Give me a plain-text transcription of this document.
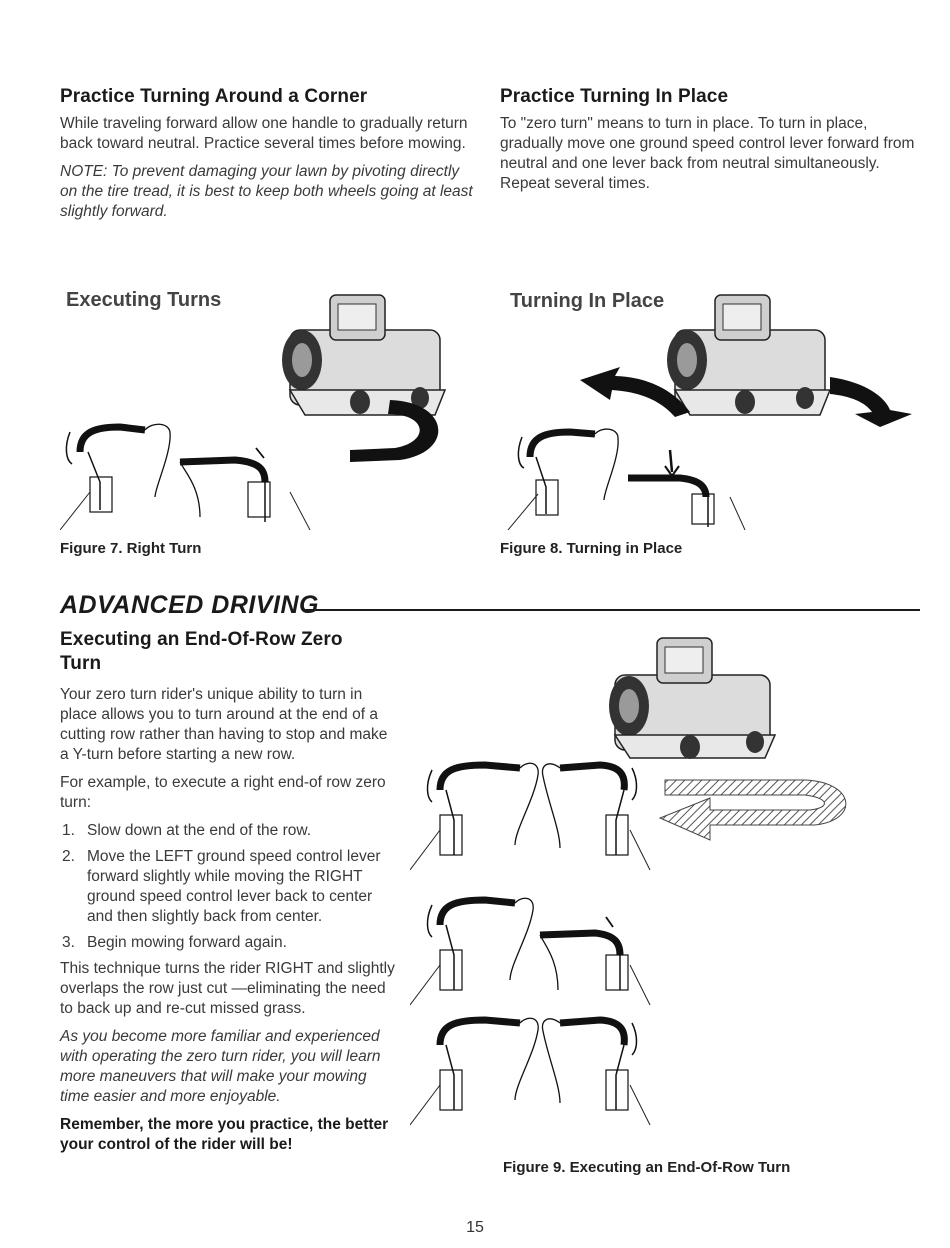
Practice Turning Around a Corner

While traveling forward allow one handle to gradually return back toward neutral. Practice several times before mowing.

NOTE: To prevent damaging your lawn by pivoting directly on the tire tread, it is best to keep both wheels going at least slightly forward.

Practice Turning In Place

To "zero turn" means to turn in place. To turn in place, gradually move one ground speed control lever forward from neutral and one lever back from neutral simultaneously. Repeat several times.

Executing Turns
Figure 7. Right Turn
Turning In Place
Figure 8. Turning in Place
ADVANCED DRIVING
Executing an End-Of-Row Zero
Turn

Your zero turn rider's unique ability to turn in place allows you to turn around at the end of a cutting row rather than having to stop and make a Y-turn before starting a new row.

For example, to execute a right end-of row zero turn:

1. Slow down at the end of the row.
2. Move the LEFT ground speed control lever forward slightly while moving the RIGHT ground speed control lever back to center and then slightly back from center.
3. Begin mowing forward again.

This technique turns the rider RIGHT and slightly overlaps the row just cut —eliminating the need to back up and re-cut missed grass.

As you become more familiar and experienced with operating the zero turn rider, you will learn more maneuvers that will make your mowing time easier and more enjoyable.

Remember, the more you practice, the better your control of the rider will be!

Figure 9. Executing an End-Of-Row Turn
15
